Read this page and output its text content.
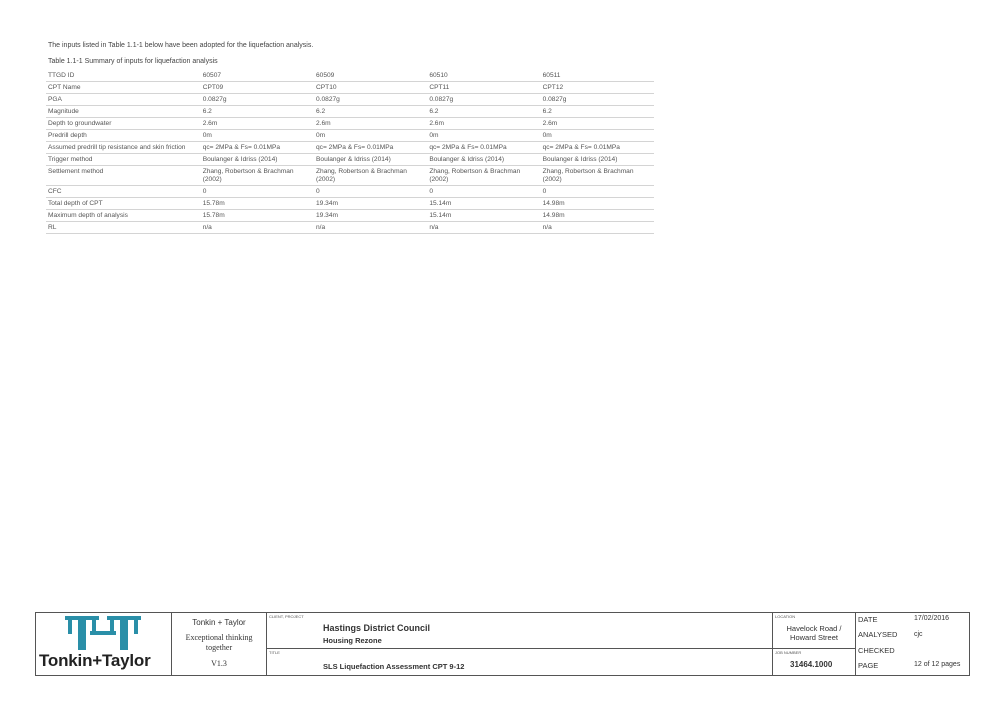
The inputs listed in Table 1.1-1 below have been adopted for the liquefaction analysis.
Table 1.1-1 Summary of inputs for liquefaction analysis
TTGD ID	60507	60509	60510	60511
CPT Name	CPT09	CPT10	CPT11	CPT12
PGA	0.0827g	0.0827g	0.0827g	0.0827g
Magnitude	6.2	6.2	6.2	6.2
Depth to groundwater	2.6m	2.6m	2.6m	2.6m
Predrill depth	0m	0m	0m	0m
Assumed predrill tip resistance and skin friction	qc= 2MPa & Fs= 0.01MPa	qc= 2MPa & Fs= 0.01MPa	qc= 2MPa & Fs= 0.01MPa	qc= 2MPa & Fs= 0.01MPa
Trigger method	Boulanger & Idriss (2014)	Boulanger & Idriss (2014)	Boulanger & Idriss (2014)	Boulanger & Idriss (2014)
Settlement method	Zhang, Robertson & Brachman (2002)	Zhang, Robertson & Brachman (2002)	Zhang, Robertson & Brachman (2002)	Zhang, Robertson & Brachman (2002)
CFC	0	0	0	0
Total depth of CPT	15.78m	19.34m	15.14m	14.98m
Maximum depth of analysis	15.78m	19.34m	15.14m	14.98m
RL	n/a	n/a	n/a	n/a
Tonkin+Taylor
Tonkin + Taylor
Exceptional thinking
together
V1.3
CLIENT, PROJECT
Hastings District Council
Housing Rezone
TITLE
SLS Liquefaction Assessment CPT 9-12
LOCATION
Havelock Road /
Howard Street
JOB NUMBER
31464.1000
DATE	17/02/2016
ANALYSED cjc
CHECKED
PAGE	12 of 12 pages
